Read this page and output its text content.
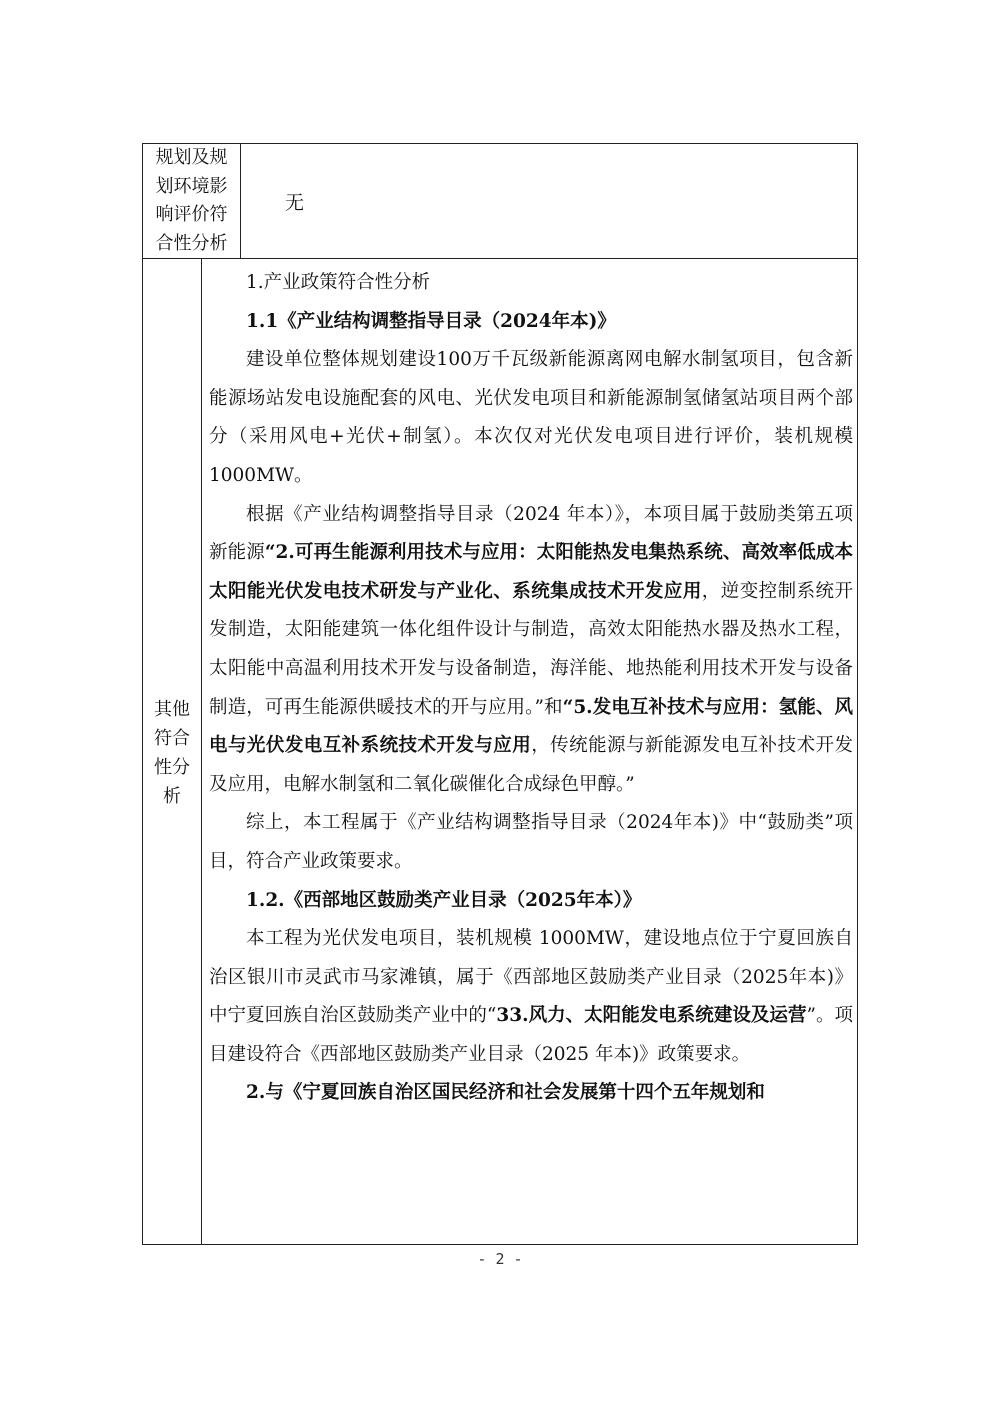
规划及规
划环境影
响评价符
合性分析
无
其他
符合
性分
析

1.产业政策符合性分析

1.1《产业结构调整指导目录（2024年本)》

建设单位整体规划建设100万千瓦级新能源离网电解水制氢项目，包含新能源场站发电设施配套的风电、光伏发电项目和新能源制氢储氢站项目两个部分（采用风电+光伏+制氢）。本次仅对光伏发电项目进行评价，装机规模1000MW。

根据《产业结构调整指导目录（2024 年本）》，本项目属于鼓励类第五项新能源“2.可再生能源利用技术与应用：太阳能热发电集热系统、高效率低成本太阳能光伏发电技术研发与产业化、系统集成技术开发应用，逆变控制系统开发制造，太阳能建筑一体化组件设计与制造，高效太阳能热水器及热水工程，太阳能中高温利用技术开发与设备制造，海洋能、地热能利用技术开发与设备制造，可再生能源供暖技术的开与应用。”和“5.发电互补技术与应用：氢能、风电与光伏发电互补系统技术开发与应用，传统能源与新能源发电互补技术开发及应用，电解水制氢和二氧化碳催化合成绿色甲醇。”

综上，本工程属于《产业结构调整指导目录（2024年本)》中“鼓励类”项目，符合产业政策要求。

1.2.《西部地区鼓励类产业目录（2025年本）》

本工程为光伏发电项目，装机规模 1000MW，建设地点位于宁夏回族自治区银川市灵武市马家滩镇，属于《西部地区鼓励类产业目录（2025年本)》中宁夏回族自治区鼓励类产业中的“33.风力、太阳能发电系统建设及运营”。项目建设符合《西部地区鼓励类产业目录（2025 年本)》政策要求。

2.与《宁夏回族自治区国民经济和社会发展第十四个五年规划和

- 2 -
